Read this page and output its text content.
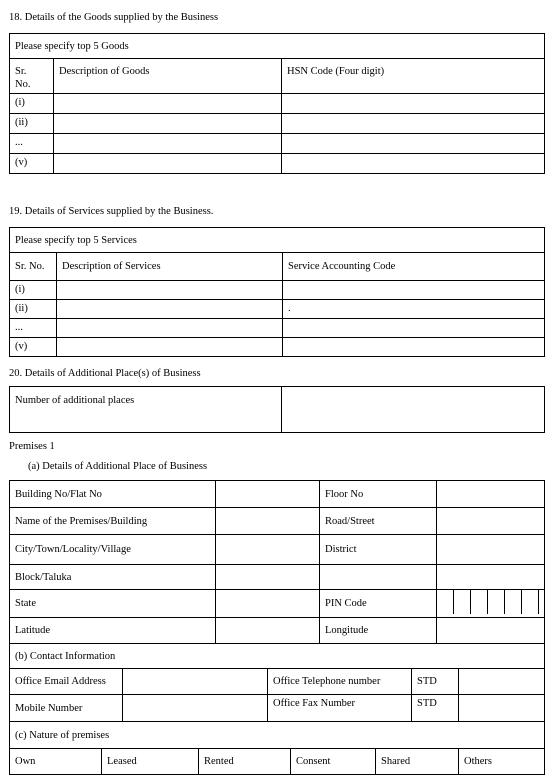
18. Details of the Goods supplied by the Business
Please specify top 5 Goods		
Sr.
No.	Description of Goods	HSN Code (Four digit)
(i)		
(ii)		
...		
(v)		
19. Details of Services supplied by the Business.
Please specify top 5 Services		
Sr. No.	Description of Services	Service Accounting Code
(i)		
(ii)		.
...		
(v)		
20. Details of Additional Place(s) of Business
Number of additional places	
Premises 1
(a) Details of Additional Place of Business
Building No/Flat No		Floor No	
Name of the Premises/Building		Road/Street	
City/Town/Locality/Village		District	
Block/Taluka			
State		PIN Code	

Latitude		Longitude	
(b) Contact Information				
Office Email Address		Office Telephone number	STD	
Mobile Number		Office Fax Number	STD	
(c) Nature of premises
Own	Leased	Rented	Consent	Shared	Others
